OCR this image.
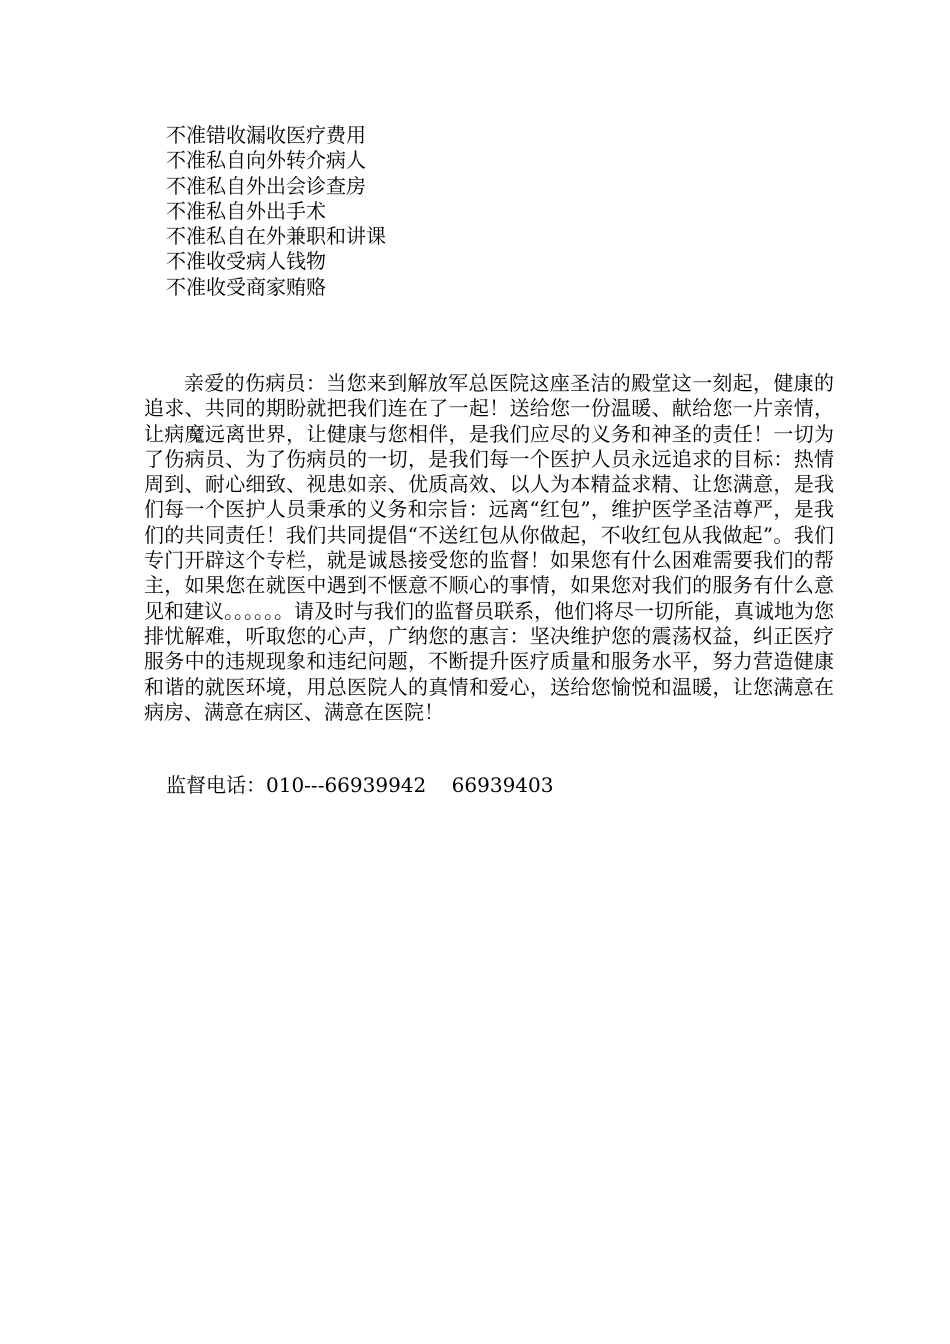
不准错收漏收医疗费用
不准私自向外转介病人
不准私自外出会诊查房
不准私自外出手术
不准私自在外兼职和讲课
不准收受病人钱物
不准收受商家贿赂

亲爱的伤病员：当您来到解放军总医院这座圣洁的殿堂这一刻起，健康的追求、共同的期盼就把我们连在了一起！送给您一份温暖、献给您一片亲情，让病魔远离世界，让健康与您相伴，是我们应尽的义务和神圣的责任！一切为了伤病员、为了伤病员的一切，是我们每一个医护人员永远追求的目标：热情周到、耐心细致、视患如亲、优质高效、以人为本精益求精、让您满意，是我们每一个医护人员秉承的义务和宗旨：远离“红包”，维护医学圣洁尊严，是我们的共同责任！我们共同提倡“不送红包从你做起，不收红包从我做起”。我们专门开辟这个专栏，就是诚恳接受您的监督！如果您有什么困难需要我们的帮主，如果您在就医中遇到不惬意不顺心的事情，如果您对我们的服务有什么意见和建议。。。。。。请及时与我们的监督员联系，他们将尽一切所能，真诚地为您排忧解难，听取您的心声，广纳您的惠言：坚决维护您的震荡权益，纠正医疗服务中的违规现象和违纪问题，不断提升医疗质量和服务水平，努力营造健康和谐的就医环境，用总医院人的真情和爱心，送给您愉悦和温暖，让您满意在病房、满意在病区、满意在医院！

监督电话：010---66939942    66939403
